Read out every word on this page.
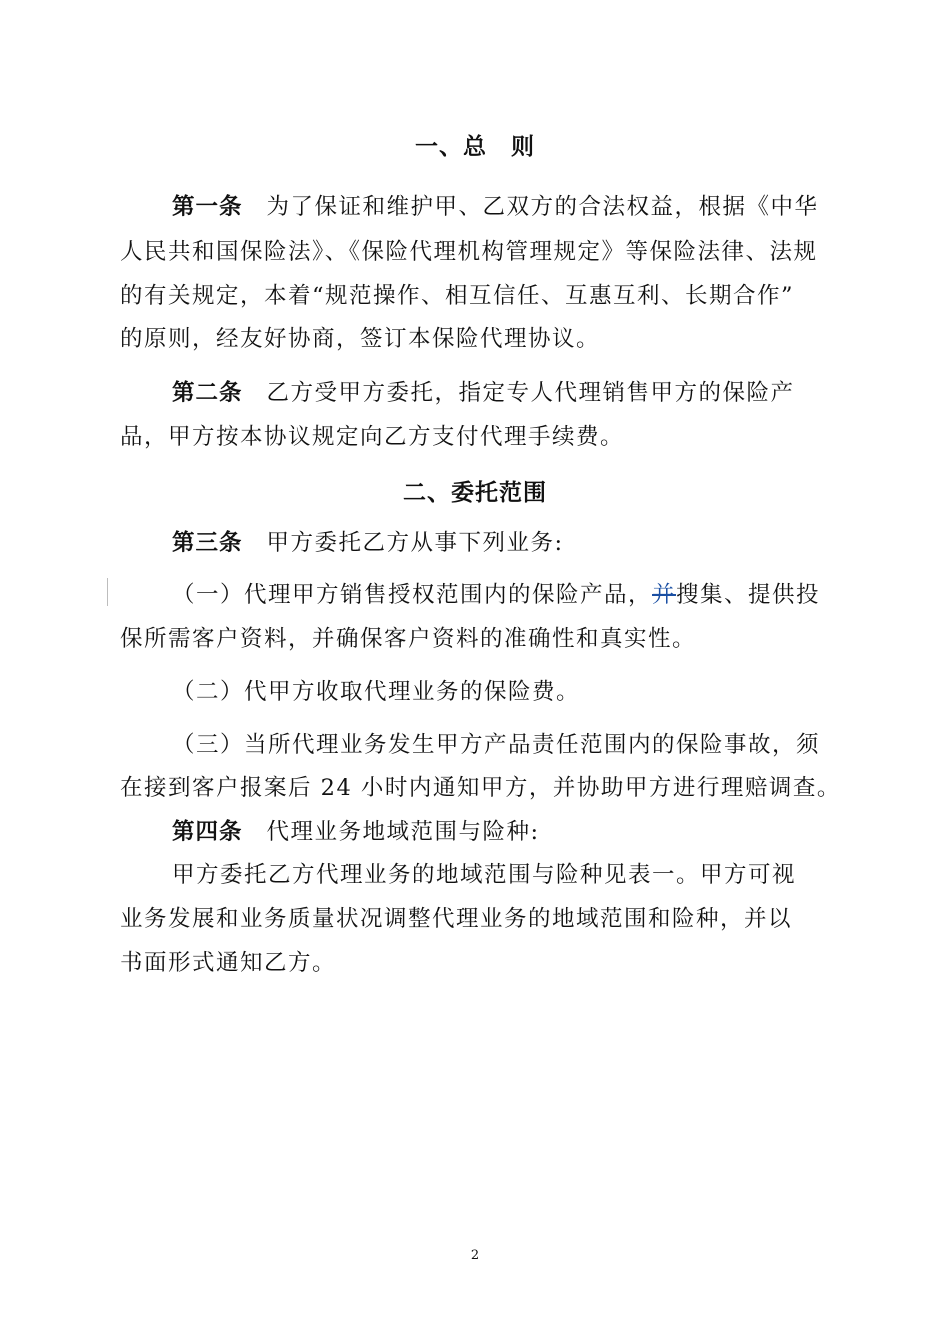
一、总　则
第一条 为了保证和维护甲、乙双方的合法权益，根据《中华
人民共和国保险法》、《保险代理机构管理规定》等保险法律、法规
的有关规定，本着“规范操作、相互信任、互惠互利、长期合作”
的原则，经友好协商，签订本保险代理协议。
第二条 乙方受甲方委托，指定专人代理销售甲方的保险产
品，甲方按本协议规定向乙方支付代理手续费。
二、委托范围
第三条 甲方委托乙方从事下列业务:
（一）代理甲方销售授权范围内的保险产品，并搜集、提供投
保所需客户资料，并确保客户资料的准确性和真实性。
（二）代甲方收取代理业务的保险费。
（三）当所代理业务发生甲方产品责任范围内的保险事故，须
在接到客户报案后 24 小时内通知甲方，并协助甲方进行理赔调查。
第四条 代理业务地域范围与险种:
甲方委托乙方代理业务的地域范围与险种见表一。甲方可视
业务发展和业务质量状况调整代理业务的地域范围和险种，并以
书面形式通知乙方。
2
